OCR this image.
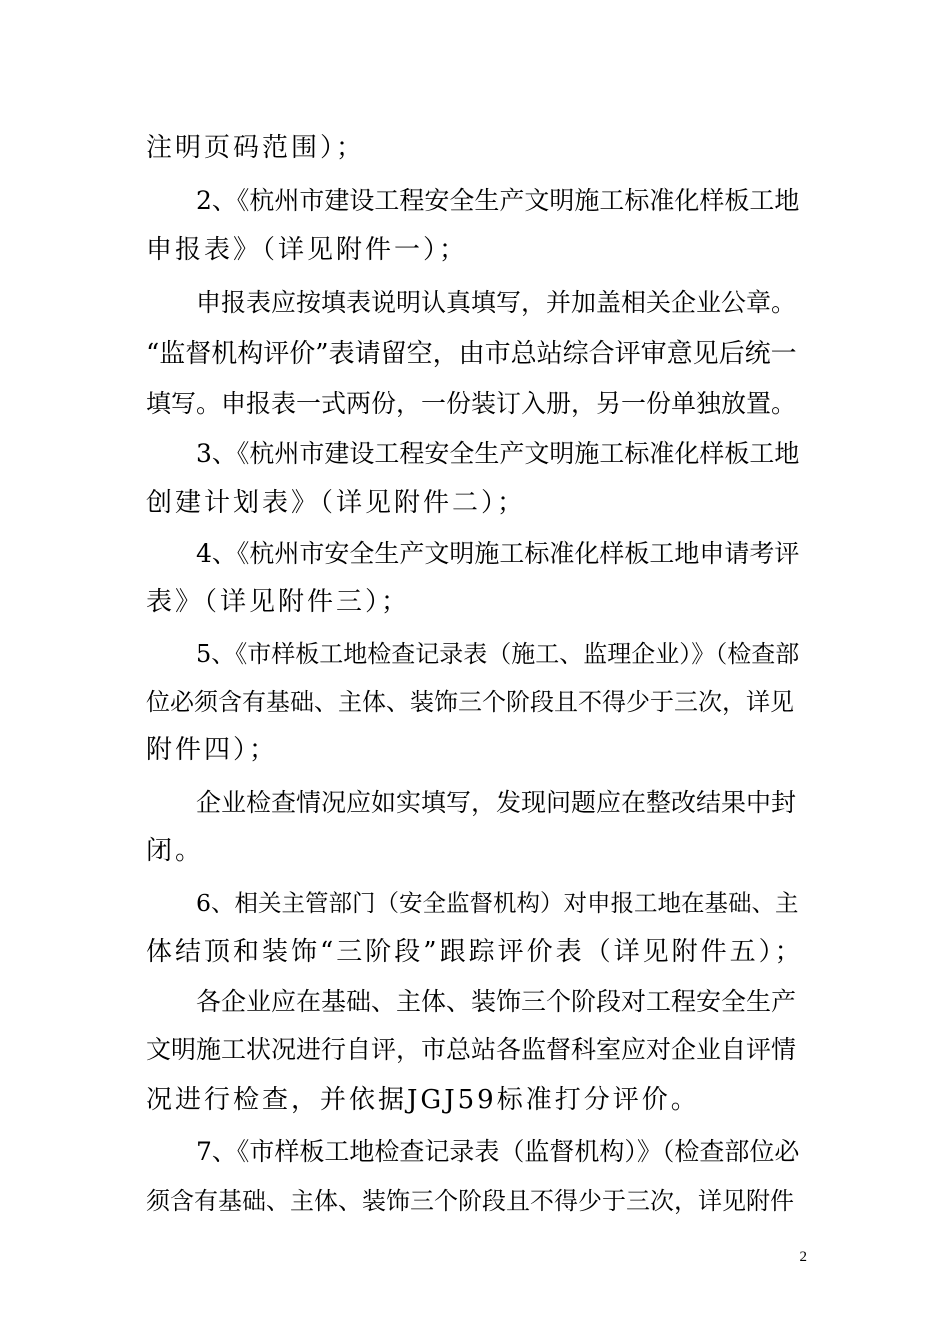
注明页码范围）；
2、《杭州市建设工程安全生产文明施工标准化样板工地
申报表》（详见附件一）；
申报表应按填表说明认真填写，并加盖相关企业公章。
“监督机构评价”表请留空，由市总站综合评审意见后统一
填写。申报表一式两份，一份装订入册，另一份单独放置。
3、《杭州市建设工程安全生产文明施工标准化样板工地
创建计划表》（详见附件二）；
4、《杭州市安全生产文明施工标准化样板工地申请考评
表》（详见附件三）；
5、《市样板工地检查记录表（施工、监理企业）》（检查部
位必须含有基础、主体、装饰三个阶段且不得少于三次，详见
附件四）；
企业检查情况应如实填写，发现问题应在整改结果中封
闭。
6、相关主管部门（安全监督机构）对申报工地在基础、主
体结顶和装饰“三阶段”跟踪评价表（详见附件五）；
各企业应在基础、主体、装饰三个阶段对工程安全生产
文明施工状况进行自评，市总站各监督科室应对企业自评情
况进行检查，并依据JGJ59标准打分评价。
7、《市样板工地检查记录表（监督机构）》（检查部位必
须含有基础、主体、装饰三个阶段且不得少于三次，详见附件
2
